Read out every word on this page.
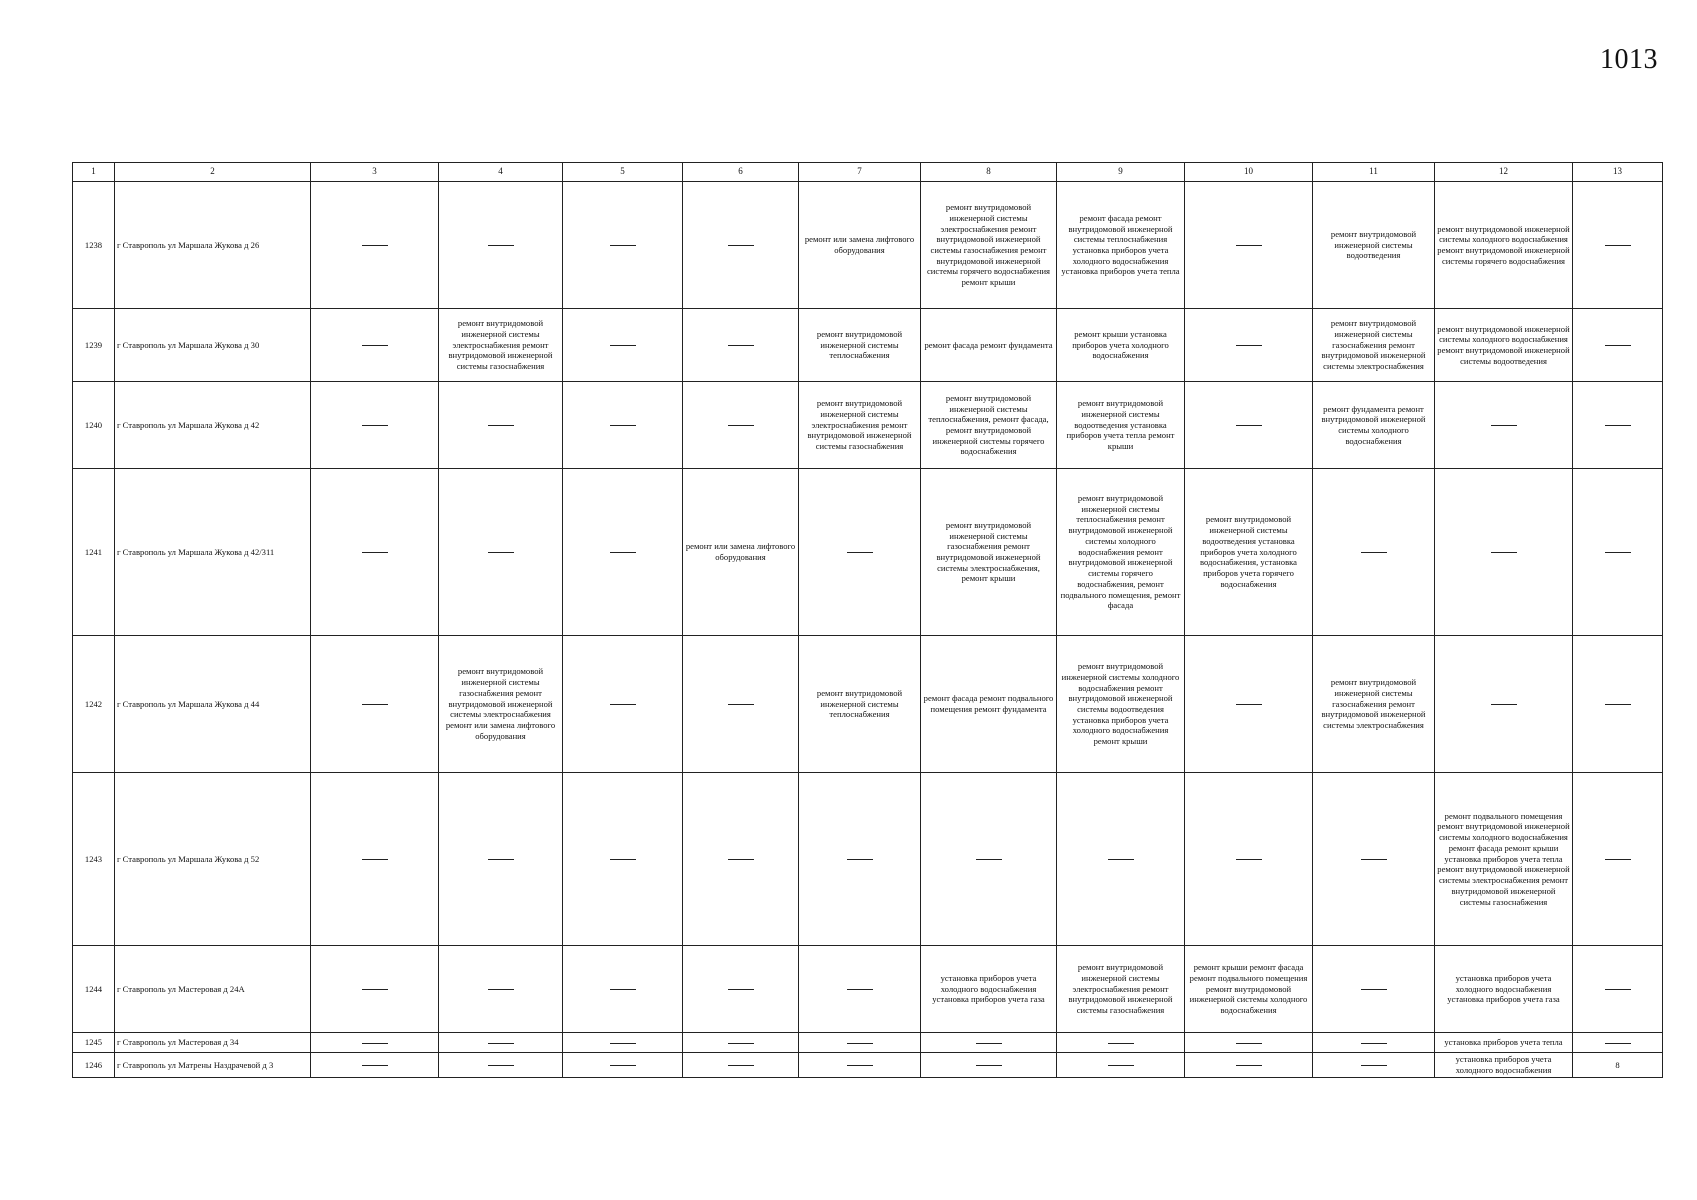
1013
1	2	3	4	5	6	7	8	9	10	11	12	13
1238	г Ставрополь ул Маршала Жукова д 26					ремонт или замена лифтового оборудования	ремонт внутридомовой инженерной системы электроснабжения ремонт внутридомовой инженерной системы газоснабжения ремонт внутридомовой инженерной системы горячего водоснабжения ремонт крыши	ремонт фасада ремонт внутридомовой инженерной системы теплоснабжения установка приборов учета холодного водоснабжения установка приборов учета тепла		ремонт внутридомовой инженерной системы водоотведения	ремонт внутридомовой инженерной системы холодного водоснабжения ремонт внутридомовой инженерной системы горячего водоснабжения	
1239	г Ставрополь ул Маршала Жукова д 30		ремонт внутридомовой инженерной системы электроснабжения ремонт внутридомовой инженерной системы газоснабжения			ремонт внутридомовой инженерной системы теплоснабжения	ремонт фасада ремонт фундамента	ремонт крыши установка приборов учета холодного водоснабжения		ремонт внутридомовой инженерной системы газоснабжения ремонт внутридомовой инженерной системы электроснабжения	ремонт внутридомовой инженерной системы холодного водоснабжения ремонт внутридомовой инженерной системы водоотведения	
1240	г Ставрополь ул Маршала Жукова д 42					ремонт внутридомовой инженерной системы электроснабжения ремонт внутридомовой инженерной системы газоснабжения	ремонт внутридомовой инженерной системы теплоснабжения, ремонт фасада, ремонт внутридомовой инженерной системы горячего водоснабжения	ремонт внутридомовой инженерной системы водоотведения установка приборов учета тепла ремонт крыши		ремонт фундамента ремонт внутридомовой инженерной системы холодного водоснабжения		
1241	г Ставрополь ул Маршала Жукова д 42/311				ремонт или замена лифтового оборудования		ремонт внутридомовой инженерной системы газоснабжения ремонт внутридомовой инженерной системы электроснабжения, ремонт крыши	ремонт внутридомовой инженерной системы теплоснабжения ремонт внутридомовой инженерной системы холодного водоснабжения ремонт внутридомовой инженерной системы горячего водоснабжения, ремонт подвального помещения, ремонт фасада	ремонт внутридомовой инженерной системы водоотведения установка приборов учета холодного водоснабжения, установка приборов учета горячего водоснабжения			
1242	г Ставрополь ул Маршала Жукова д 44		ремонт внутридомовой инженерной системы газоснабжения ремонт внутридомовой инженерной системы электроснабжения ремонт или замена лифтового оборудования			ремонт внутридомовой инженерной системы теплоснабжения	ремонт фасада ремонт подвального помещения ремонт фундамента	ремонт внутридомовой инженерной системы холодного водоснабжения ремонт внутридомовой инженерной системы водоотведения установка приборов учета холодного водоснабжения ремонт крыши		ремонт внутридомовой инженерной системы газоснабжения ремонт внутридомовой инженерной системы электроснабжения		
1243	г Ставрополь ул Маршала Жукова д 52										ремонт подвального помещения ремонт внутридомовой инженерной системы холодного водоснабжения ремонт фасада ремонт крыши установка приборов учета тепла ремонт внутридомовой инженерной системы электроснабжения ремонт внутридомовой инженерной системы газоснабжения	
1244	г Ставрополь ул Мастеровая д 24А						установка приборов учета холодного водоснабжения установка приборов учета газа	ремонт внутридомовой инженерной системы электроснабжения ремонт внутридомовой инженерной системы газоснабжения	ремонт крыши ремонт фасада ремонт подвального помещения ремонт внутридомовой инженерной системы холодного водоснабжения		установка приборов учета холодного водоснабжения установка приборов учета газа	
1245	г Ставрополь ул Мастеровая д 34										установка приборов учета тепла	
1246	г Ставрополь ул Матрены Наздрачевой д 3										установка приборов учета холодного водоснабжения	8
